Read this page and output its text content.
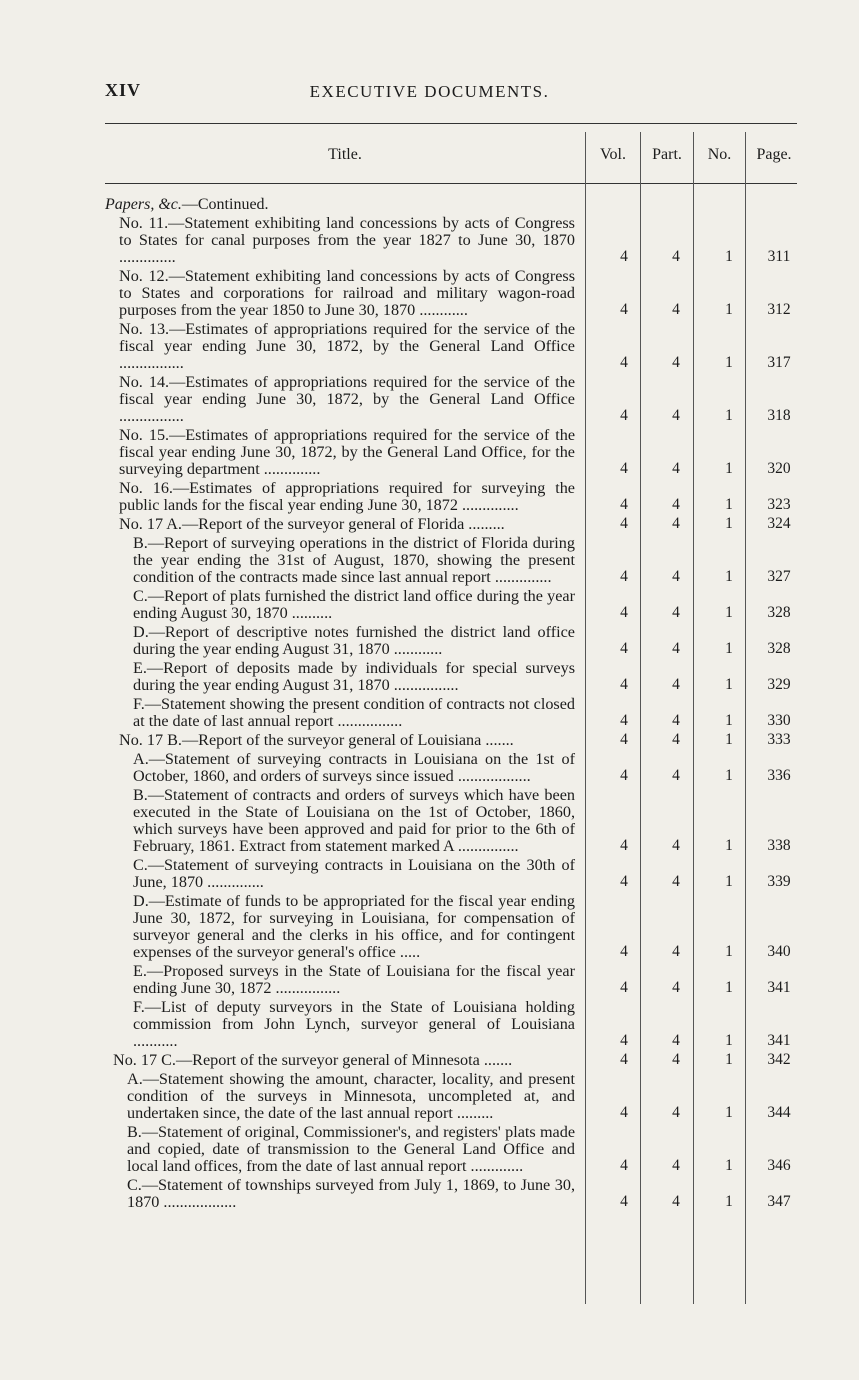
XIV	EXECUTIVE DOCUMENTS.
Title.	Vol.	Part.	No.	Page.
Papers, &c.—Continued.
No. 11.—Statement exhibiting land concessions by acts of Congress to States for canal purposes from the year 1827 to June 30, 1870 ..............	4	4	1	311
No. 12.—Statement exhibiting land concessions by acts of Congress to States and corporations for railroad and military wagon-road purposes from the year 1850 to June 30, 1870 ............	4	4	1	312
No. 13.—Estimates of appropriations required for the service of the fiscal year ending June 30, 1872, by the General Land Office ................	4	4	1	317
No. 14.—Estimates of appropriations required for the service of the fiscal year ending June 30, 1872, by the General Land Office ................	4	4	1	318
No. 15.—Estimates of appropriations required for the service of the fiscal year ending June 30, 1872, by the General Land Office, for the surveying department ..............	4	4	1	320
No. 16.—Estimates of appropriations required for surveying the public lands for the fiscal year ending June 30, 1872 ..............	4	4	1	323
No. 17 A.—Report of the surveyor general of Florida .........	4	4	1	324
B.—Report of surveying operations in the district of Florida during the year ending the 31st of August, 1870, showing the present condition of the contracts made since last annual report ..............	4	4	1	327
C.—Report of plats furnished the district land office during the year ending August 30, 1870 ..........	4	4	1	328
D.—Report of descriptive notes furnished the district land office during the year ending August 31, 1870 ............	4	4	1	328
E.—Report of deposits made by individuals for special surveys during the year ending August 31, 1870 ................	4	4	1	329
F.—Statement showing the present condition of contracts not closed at the date of last annual report ................	4	4	1	330
No. 17 B.—Report of the surveyor general of Louisiana .......	4	4	1	333
A.—Statement of surveying contracts in Louisiana on the 1st of October, 1860, and orders of surveys since issued ..................	4	4	1	336
B.—Statement of contracts and orders of surveys which have been executed in the State of Louisiana on the 1st of October, 1860, which surveys have been approved and paid for prior to the 6th of February, 1861. Extract from statement marked A ...............	4	4	1	338
C.—Statement of surveying contracts in Louisiana on the 30th of June, 1870 ..............	4	4	1	339
D.—Estimate of funds to be appropriated for the fiscal year ending June 30, 1872, for surveying in Louisiana, for compensation of surveyor general and the clerks in his office, and for contingent expenses of the surveyor general's office .....	4	4	1	340
E.—Proposed surveys in the State of Louisiana for the fiscal year ending June 30, 1872 ................	4	4	1	341
F.—List of deputy surveyors in the State of Louisiana holding commission from John Lynch, surveyor general of Louisiana ...........	4	4	1	341
No. 17 C.—Report of the surveyor general of Minnesota .......	4	4	1	342
A.—Statement showing the amount, character, locality, and present condition of the surveys in Minnesota, uncompleted at, and undertaken since, the date of the last annual report .........	4	4	1	344
B.—Statement of original, Commissioner's, and registers' plats made and copied, date of transmission to the General Land Office and local land offices, from the date of last annual report .............	4	4	1	346
C.—Statement of townships surveyed from July 1, 1869, to June 30, 1870 ..................	4	4	1	347
